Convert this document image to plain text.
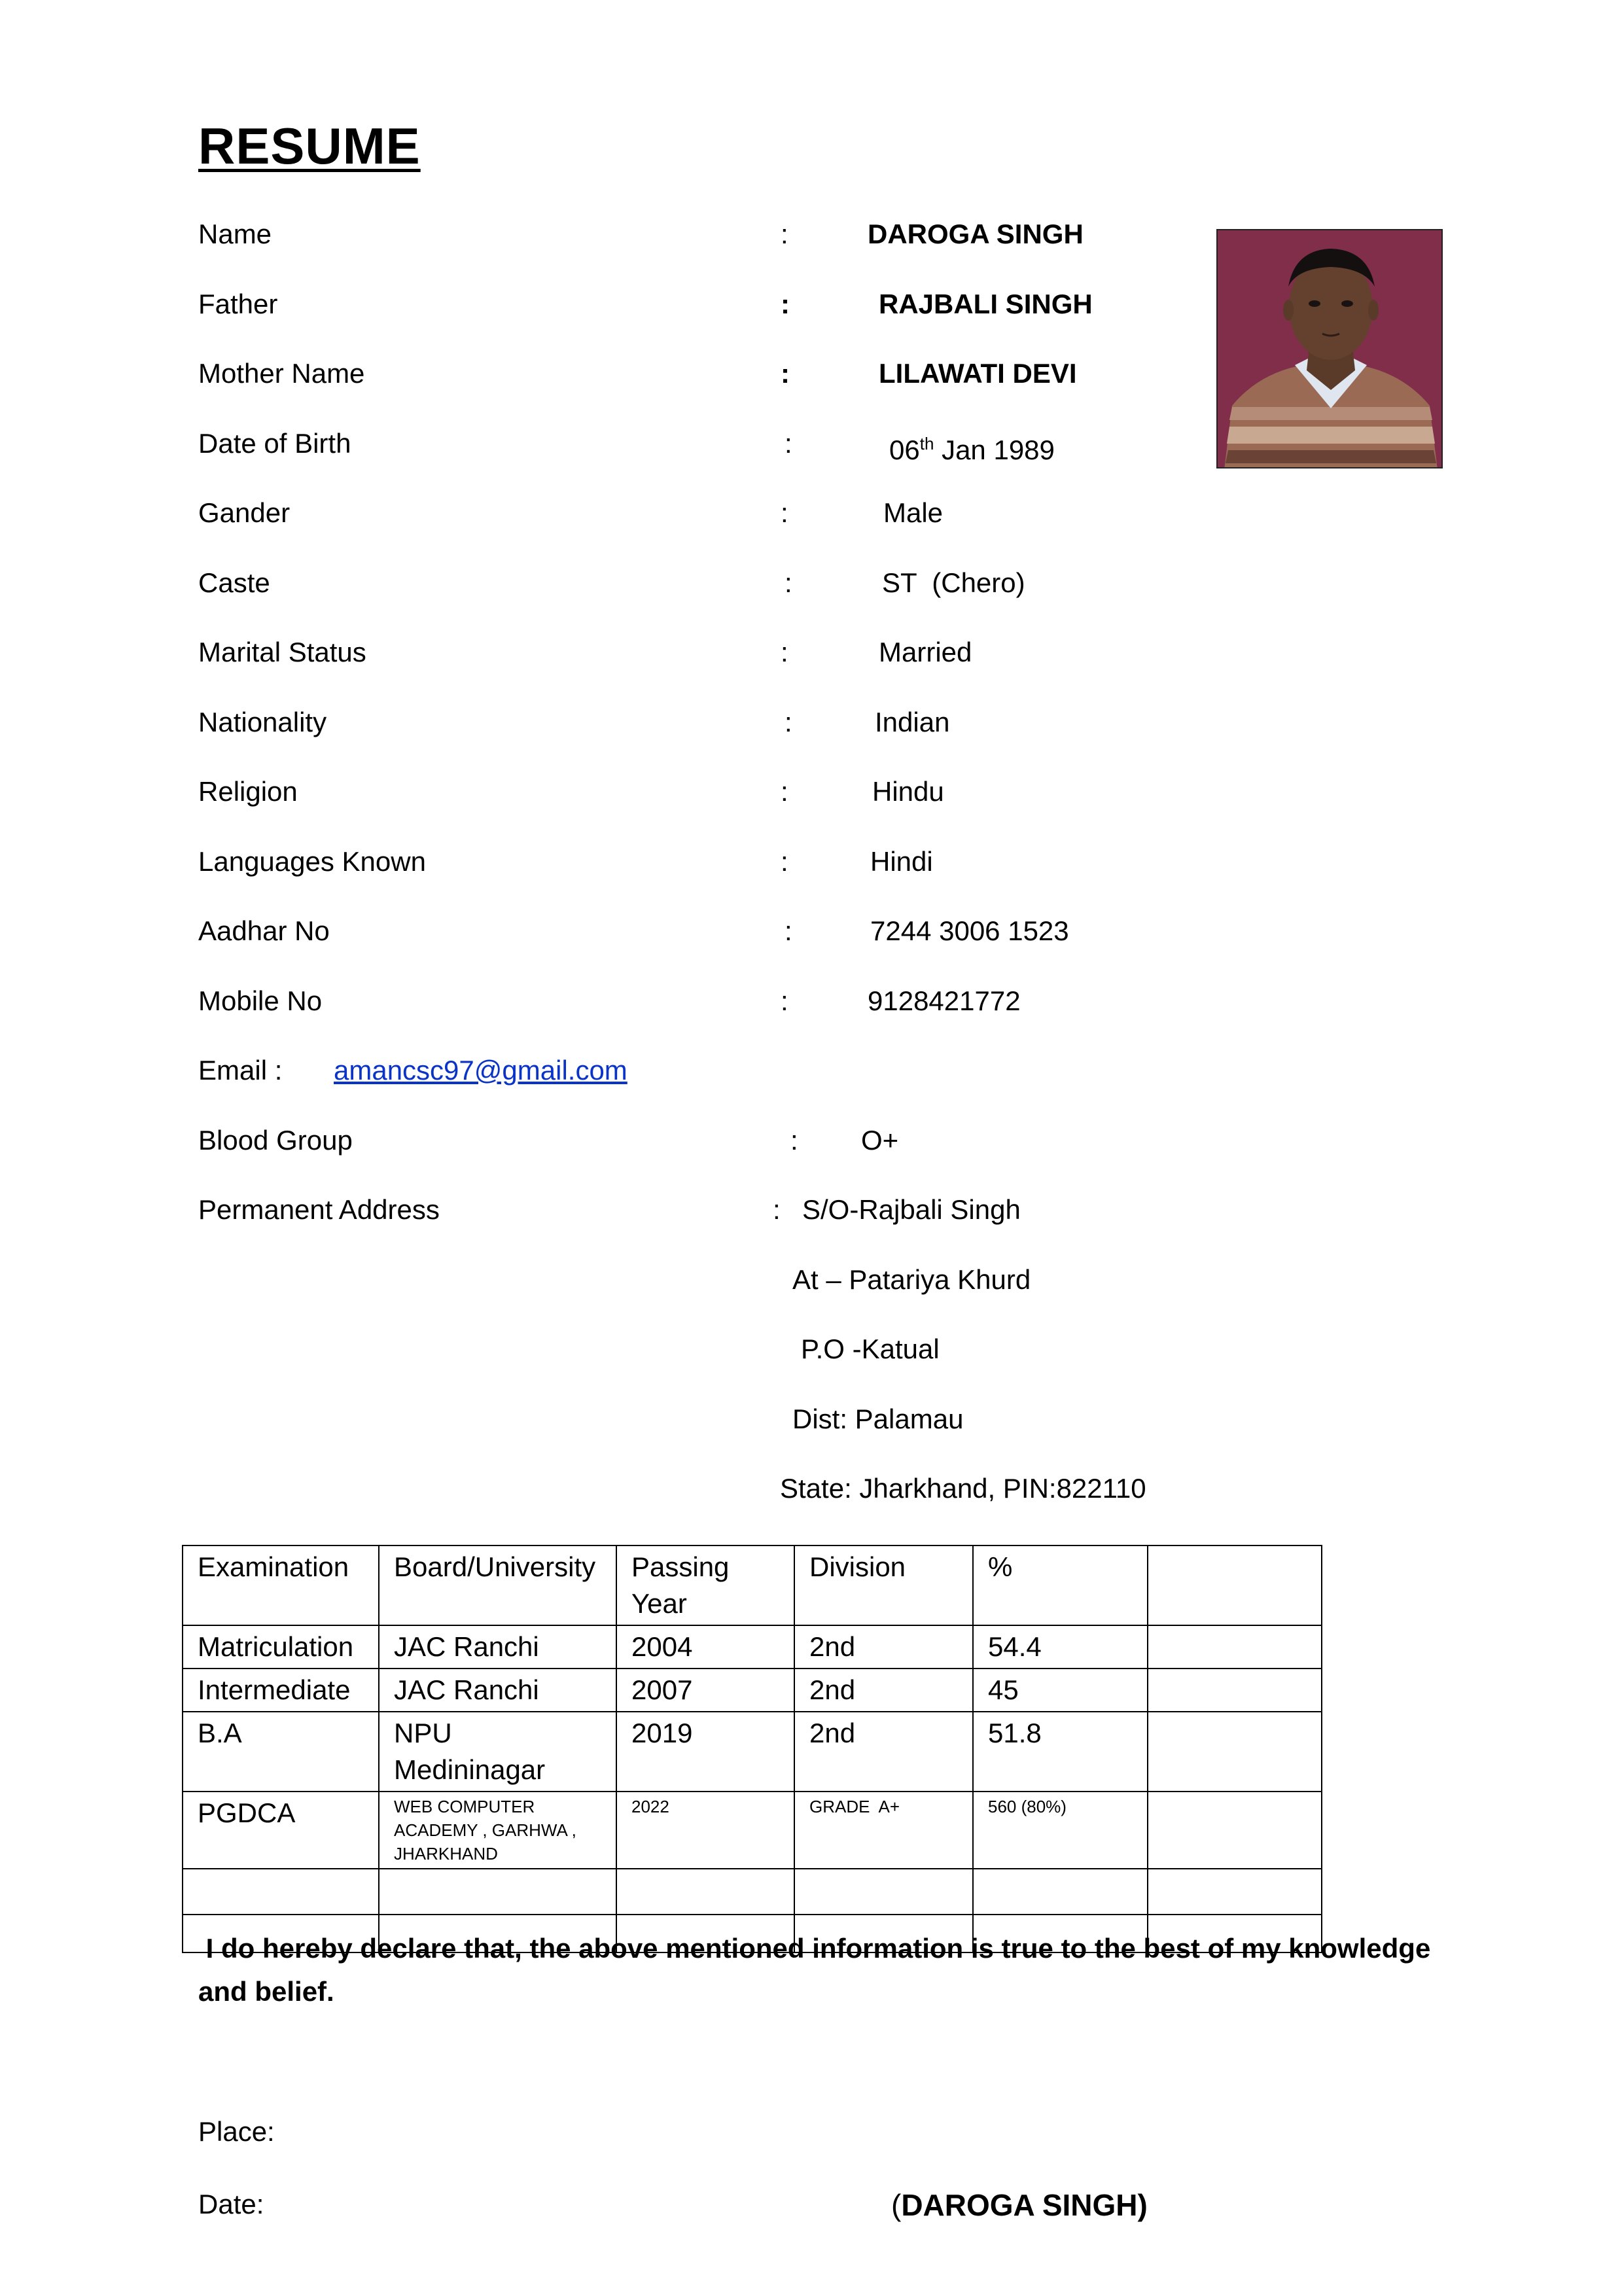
RESUME
Name	:	DAROGA SINGH
Father	:	RAJBALI SINGH
Mother Name	:	LILAWATI DEVI
Date of Birth	:	06th Jan 1989
Gander	:	Male
Caste	:	ST  (Chero)
Marital Status	:	Married
Nationality	:	Indian
Religion	:	Hindu
Languages Known	:	Hindi
Aadhar No	:	7244 3006 1523
Mobile No	:	9128421772
Email : amancsc97@gmail.com
Blood Group	: O+
Permanent Address	: S/O-Rajbali Singh
At – Patariya Khurd
P.O -Katual
Dist: Palamau
State: Jharkhand, PIN:822110
Examination	Board/University	Passing Year	Division	%	
Matriculation	JAC Ranchi	2004	2nd	54.4	
Intermediate	JAC Ranchi	2007	2nd	45	
B.A	NPU Medininagar	2019	2nd	51.8	
PGDCA	WEB COMPUTER ACADEMY , GARHWA , JHARKHAND	2022	GRADE  A+	560 (80%)	

I do hereby declare that, the above mentioned information is true to the best of my knowledge and belief.
Place:
Date:	(DAROGA SINGH)
